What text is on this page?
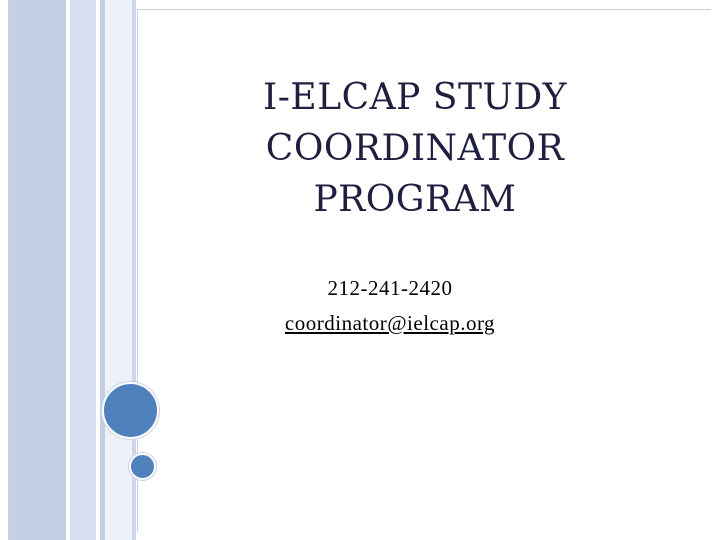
I-ELCAP STUDY
COORDINATOR
PROGRAM
212-241-2420
coordinator@ielcap.org
